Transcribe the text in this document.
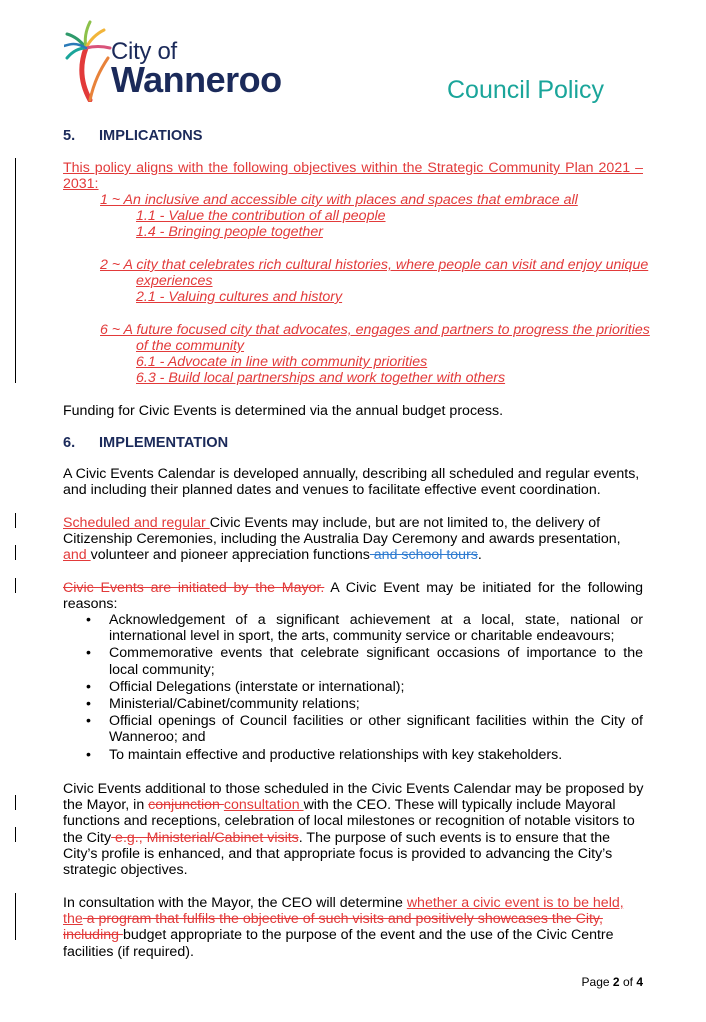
City of
Wanneroo	Council Policy
5. IMPLICATIONS
This policy aligns with the following objectives within the Strategic Community Plan 2021 –
2031:
1 ~ An inclusive and accessible city with places and spaces that embrace all
1.1 - Value the contribution of all people
1.4 - Bringing people together
2 ~ A city that celebrates rich cultural histories, where people can visit and enjoy unique
experiences
2.1 - Valuing cultures and history
6 ~ A future focused city that advocates, engages and partners to progress the priorities
of the community
6.1 - Advocate in line with community priorities
6.3 - Build local partnerships and work together with others
Funding for Civic Events is determined via the annual budget process.
6. IMPLEMENTATION
A Civic Events Calendar is developed annually, describing all scheduled and regular events, and including their planned dates and venues to facilitate effective event coordination.
Scheduled and regular Civic Events may include, but are not limited to, the delivery of Citizenship Ceremonies, including the Australia Day Ceremony and awards presentation, and volunteer and pioneer appreciation functions and school tours.
Civic Events are initiated by the Mayor. A Civic Event may be initiated for the following
reasons:
• Acknowledgement of a significant achievement at a local, state, national or international level in sport, the arts, community service or charitable endeavours;
• Commemorative events that celebrate significant occasions of importance to the local community;
• Official Delegations (interstate or international);
• Ministerial/Cabinet/community relations;
• Official openings of Council facilities or other significant facilities within the City of Wanneroo; and
• To maintain effective and productive relationships with key stakeholders.
Civic Events additional to those scheduled in the Civic Events Calendar may be proposed by the Mayor, in conjunction consultation with the CEO. These will typically include Mayoral functions and receptions, celebration of local milestones or recognition of notable visitors to the City e.g., Ministerial/Cabinet visits. The purpose of such events is to ensure that the City’s profile is enhanced, and that appropriate focus is provided to advancing the City’s strategic objectives.
In consultation with the Mayor, the CEO will determine whether a civic event is to be held, the a program that fulfils the objective of such visits and positively showcases the City, including budget appropriate to the purpose of the event and the use of the Civic Centre facilities (if required).
Page 2 of 4
